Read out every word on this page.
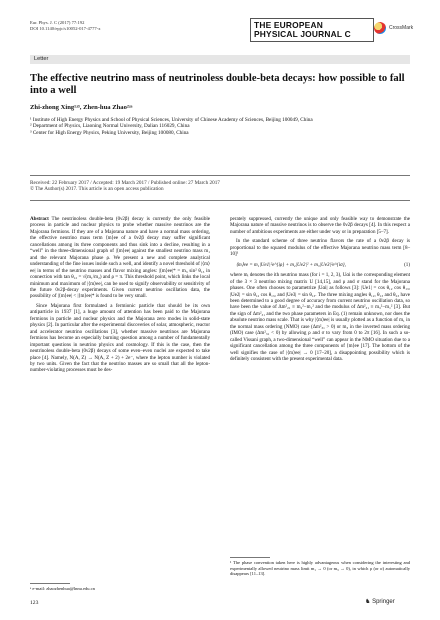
Eur. Phys. J. C (2017) 77:192
DOI 10.1140/epjc/s10052-017-4777-x	THE EUROPEAN
PHYSICAL JOURNAL C
CrossMark
Letter
The effective neutrino mass of neutrinoless double-beta decays: how possible to fall into a well
Zhi-zhong Xing¹ʴ³, Zhen-hua Zhao²ʴᵃ
¹ Institute of High Energy Physics and School of Physical Sciences, University of Chinese Academy of Sciences, Beijing 100049, China
² Department of Physics, Liaoning Normal University, Dalian 116029, China
³ Center for High Energy Physics, Peking University, Beijing 100080, China
Received: 22 February 2017 / Accepted: 19 March 2017 / Published online: 27 March 2017
© The Author(s) 2017. This article is an open access publication

Abstract The neutrinoless double-beta (0ν2β) decay is currently the only feasible process in particle and nuclear physics to probe whether massive neutrinos are the Majorana fermions. If they are of a Majorana nature and have a normal mass ordering, the effective neutrino mass term ⟨m⟩ee of a 0ν2β decay may suffer significant cancellations among its three components and thus sink into a decline, resulting in a “well” in the three-dimensional graph of |⟨m⟩ee| against the smallest neutrino mass m₁ and the relevant Majorana phase ρ. We present a new and complete analytical understanding of the fine issues inside such a well, and identify a novel threshold of |⟨m⟩ee| in terms of the neutrino masses and flavor mixing angles: |⟨m⟩ee|* = m₃ sin² θ₁₃ in connection with tan θ₁₂ = √(m₁/m₂) and ρ = π. This threshold point, which links the local minimum and maximum of |⟨m⟩ee|, can be used to signify observability or sensitivity of the future 0ν2β-decay experiments. Given current neutrino oscillation data, the possibility of |⟨m⟩ee| < |⟨m⟩ee|* is found to be very small.

Since Majorana first formulated a fermionic particle that should be its own antiparticle in 1937 [1], a huge amount of attention has been paid to the Majorana fermions in particle and nuclear physics and the Majorana zero modes in solid-state physics [2]. In particular after the experimental discoveries of solar, atmospheric, reactor and accelerator neutrino oscillations [3], whether massive neutrinos are Majorana fermions has become an especially burning question among a number of fundamentally important questions in neutrino physics and cosmology. If this is the case, then the neutrinoless double-beta (0ν2β) decays of some even–even nuclei are expected to take place [4]. Namely, N(A, Z) → N(A, Z + 2) + 2e⁻, where the lepton number is violated by two units. Given the fact that the neutrino masses are so small that all the lepton-number-violating processes must be des-

ᵃ e-mail: zhaozhenhua@lnnu.edu.cn

perately suppressed, currently the unique and only feasible way to demonstrate the Majorana nature of massive neutrinos is to observe the 0ν2β decays [4]. In this respect a number of ambitious experiments are either under way or in preparation [5–7].

In the standard scheme of three neutrino flavors the rate of a 0ν2β decay is proportional to the squared modulus of the effective Majorana neutrino mass term [8–10]¹

⟨m⟩ee = m₁|Ue1|²e^{iρ} + m₂|Ue2|² + m₃|Ue3|²e^{iσ},	(1)

where mᵢ denotes the ith neutrino mass (for i = 1, 2, 3), Uαi is the corresponding element of the 3 × 3 neutrino mixing matrix U [14,15], and ρ and σ stand for the Majorana phases. One often chooses to parametrize |Uαi| as follows [3]: |Ue1| = cos θ₁₂ cos θ₁₃, |Ue2| = sin θ₁₂ cos θ₁₃, and |Ue3| = sin θ₁₃. The three mixing angles θ₁₂, θ₁₃ and θ₂₃ have been determined to a good degree of accuracy from current neutrino oscillation data, so have been the value of Δm²₂₁ ≡ m₂²−m₁² and the modulus of Δm²₃₁ ≡ m₃²−m₁² [3]. But the sign of Δm²₃₁ and the two phase parameters in Eq. (1) remain unknown, nor does the absolute neutrino mass scale. That is why |⟨m⟩ee| is usually plotted as a function of m₁ in the normal mass ordering (NMO) case (Δm²₃₁ > 0) or m₃ in the inverted mass ordering (IMO) case (Δm²₃₁ < 0) by allowing ρ and σ to vary from 0 to 2π [16]. In such a so-called Vissani graph, a two-dimensional “well” can appear in the NMO situation due to a significant cancellation among the three components of ⟨m⟩ee [17]. The bottom of the well signifies the case of |⟨m⟩ee| → 0 [17–20], a disappointing possibility which is definitely consistent with the present experimental data.

¹ The phase convention taken here is highly advantageous when considering the interesting and experimentally allowed neutrino mass limit m₁ → 0 (or m₃ → 0), in which ρ (or σ) automatically disappears [11–13].
123	♞ Springer
